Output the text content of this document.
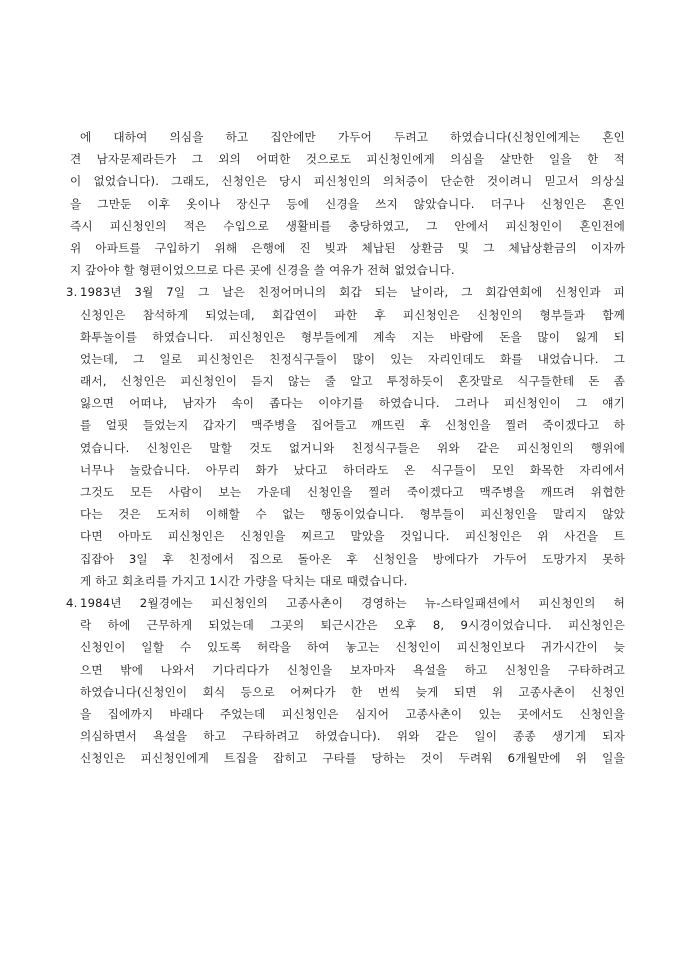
에 대하여 의심을 하고 집안에만 가두어 두려고 하였습니다(신청인에게는 혼인
견 남자문제라든가 그 외의 어떠한 것으로도 피신청인에게 의심을 살만한 일을 한 적
이 없었습니다). 그래도, 신청인은 당시 피신청인의 의처증이 단순한 것이려니 믿고서 의상실
을 그만둔 이후 옷이나 장신구 등에 신경을 쓰지 않았습니다. 더구나 신청인은 혼인
즉시 피신청인의 적은 수입으로 생활비를 충당하였고, 그 안에서 피신청인이 혼인전에
위 아파트를 구입하기 위해 은행에 진 빚과 체납된 상환금 및 그 체납상환금의 이자까
지 갚아야 할 형편이었으므로 다른 곳에 신경을 쓸 여유가 전혀 없었습니다.
3. 1983년 3월 7일 그 날은 친정어머니의 회갑 되는 날이라, 그 회갑연회에 신청인과 피
신청인은 참석하게 되었는데, 회갑연이 파한 후 피신청인은 신청인의 형부들과 함께
화투놀이를 하였습니다. 피신청인은 형부들에게 계속 지는 바람에 돈을 많이 잃게 되
었는데, 그 일로 피신청인은 친정식구들이 많이 있는 자리인데도 화를 내었습니다. 그
래서, 신청인은 피신청인이 듣지 않는 줄 알고 투정하듯이 혼잣말로 식구들한테 돈 좀
잃으면 어떠냐, 남자가 속이 좁다는 이야기를 하였습니다. 그러나 피신청인이 그 얘기
를 얼핏 들었는지 갑자기 맥주병을 집어들고 깨뜨린 후 신청인을 찔러 죽이겠다고 하
였습니다. 신청인은 말할 것도 없거니와 친정식구들은 위와 같은 피신청인의 행위에
너무나 놀랐습니다. 아무리 화가 났다고 하더라도 온 식구들이 모인 화목한 자리에서
그것도 모든 사람이 보는 가운데 신청인을 찔러 죽이겠다고 맥주병을 깨뜨려 위협한
다는 것은 도저히 이해할 수 없는 행동이었습니다. 형부들이 피신청인을 말리지 않았
다면 아마도 피신청인은 신청인을 찌르고 말았을 것입니다. 피신청인은 위 사건을 트
집잡아 3일 후 친정에서 집으로 돌아온 후 신청인을 방에다가 가두어 도망가지 못하
게 하고 회초리를 가지고 1시간 가량을 닥치는 대로 때렸습니다.
4. 1984년 2월경에는 피신청인의 고종사촌이 경영하는 뉴-스타일패션에서 피신청인의 허
락 하에 근무하게 되었는데 그곳의 퇴근시간은 오후 8, 9시경이었습니다. 피신청인은
신청인이 일할 수 있도록 허락을 하여 놓고는 신청인이 피신청인보다 귀가시간이 늦
으면 밖에 나와서 기다리다가 신청인을 보자마자 욕설을 하고 신청인을 구타하려고
하였습니다(신청인이 회식 등으로 어쩌다가 한 번씩 늦게 되면 위 고종사촌이 신청인
을 집에까지 바래다 주었는데 피신청인은 심지어 고종사촌이 있는 곳에서도 신청인을
의심하면서 욕설을 하고 구타하려고 하였습니다). 위와 같은 일이 종종 생기게 되자
신청인은 피신청인에게 트집을 잡히고 구타를 당하는 것이 두려워 6개월만에 위 일을
